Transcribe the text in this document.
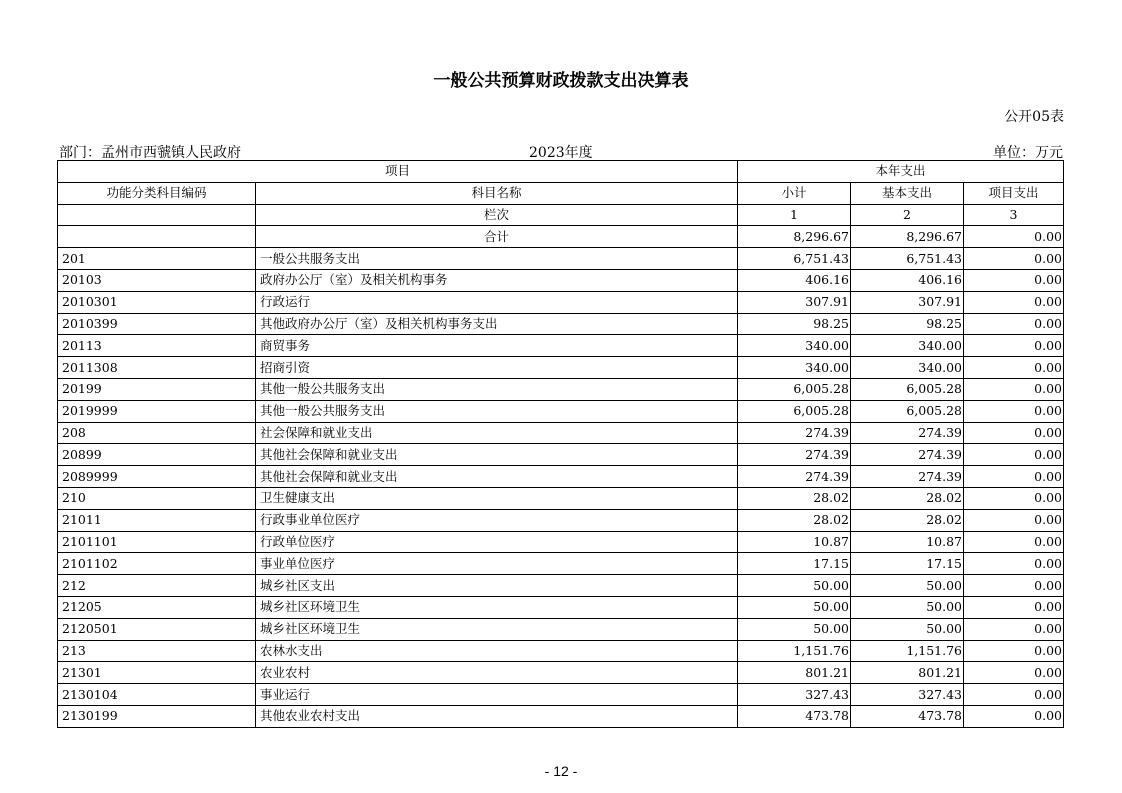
一般公共预算财政拨款支出决算表
公开05表
部门：孟州市西虢镇人民政府	2023年度	单位：万元
项目		本年支出		
功能分类科目编码	科目名称	小计	基本支出	项目支出
	栏次	1	2	3
	合计	8,296.67	8,296.67	0.00
201	一般公共服务支出	6,751.43	6,751.43	0.00
20103	政府办公厅（室）及相关机构事务	406.16	406.16	0.00
2010301	行政运行	307.91	307.91	0.00
2010399	其他政府办公厅（室）及相关机构事务支出	98.25	98.25	0.00
20113	商贸事务	340.00	340.00	0.00
2011308	招商引资	340.00	340.00	0.00
20199	其他一般公共服务支出	6,005.28	6,005.28	0.00
2019999	其他一般公共服务支出	6,005.28	6,005.28	0.00
208	社会保障和就业支出	274.39	274.39	0.00
20899	其他社会保障和就业支出	274.39	274.39	0.00
2089999	其他社会保障和就业支出	274.39	274.39	0.00
210	卫生健康支出	28.02	28.02	0.00
21011	行政事业单位医疗	28.02	28.02	0.00
2101101	行政单位医疗	10.87	10.87	0.00
2101102	事业单位医疗	17.15	17.15	0.00
212	城乡社区支出	50.00	50.00	0.00
21205	城乡社区环境卫生	50.00	50.00	0.00
2120501	城乡社区环境卫生	50.00	50.00	0.00
213	农林水支出	1,151.76	1,151.76	0.00
21301	农业农村	801.21	801.21	0.00
2130104	事业运行	327.43	327.43	0.00
2130199	其他农业农村支出	473.78	473.78	0.00
- 12 -
